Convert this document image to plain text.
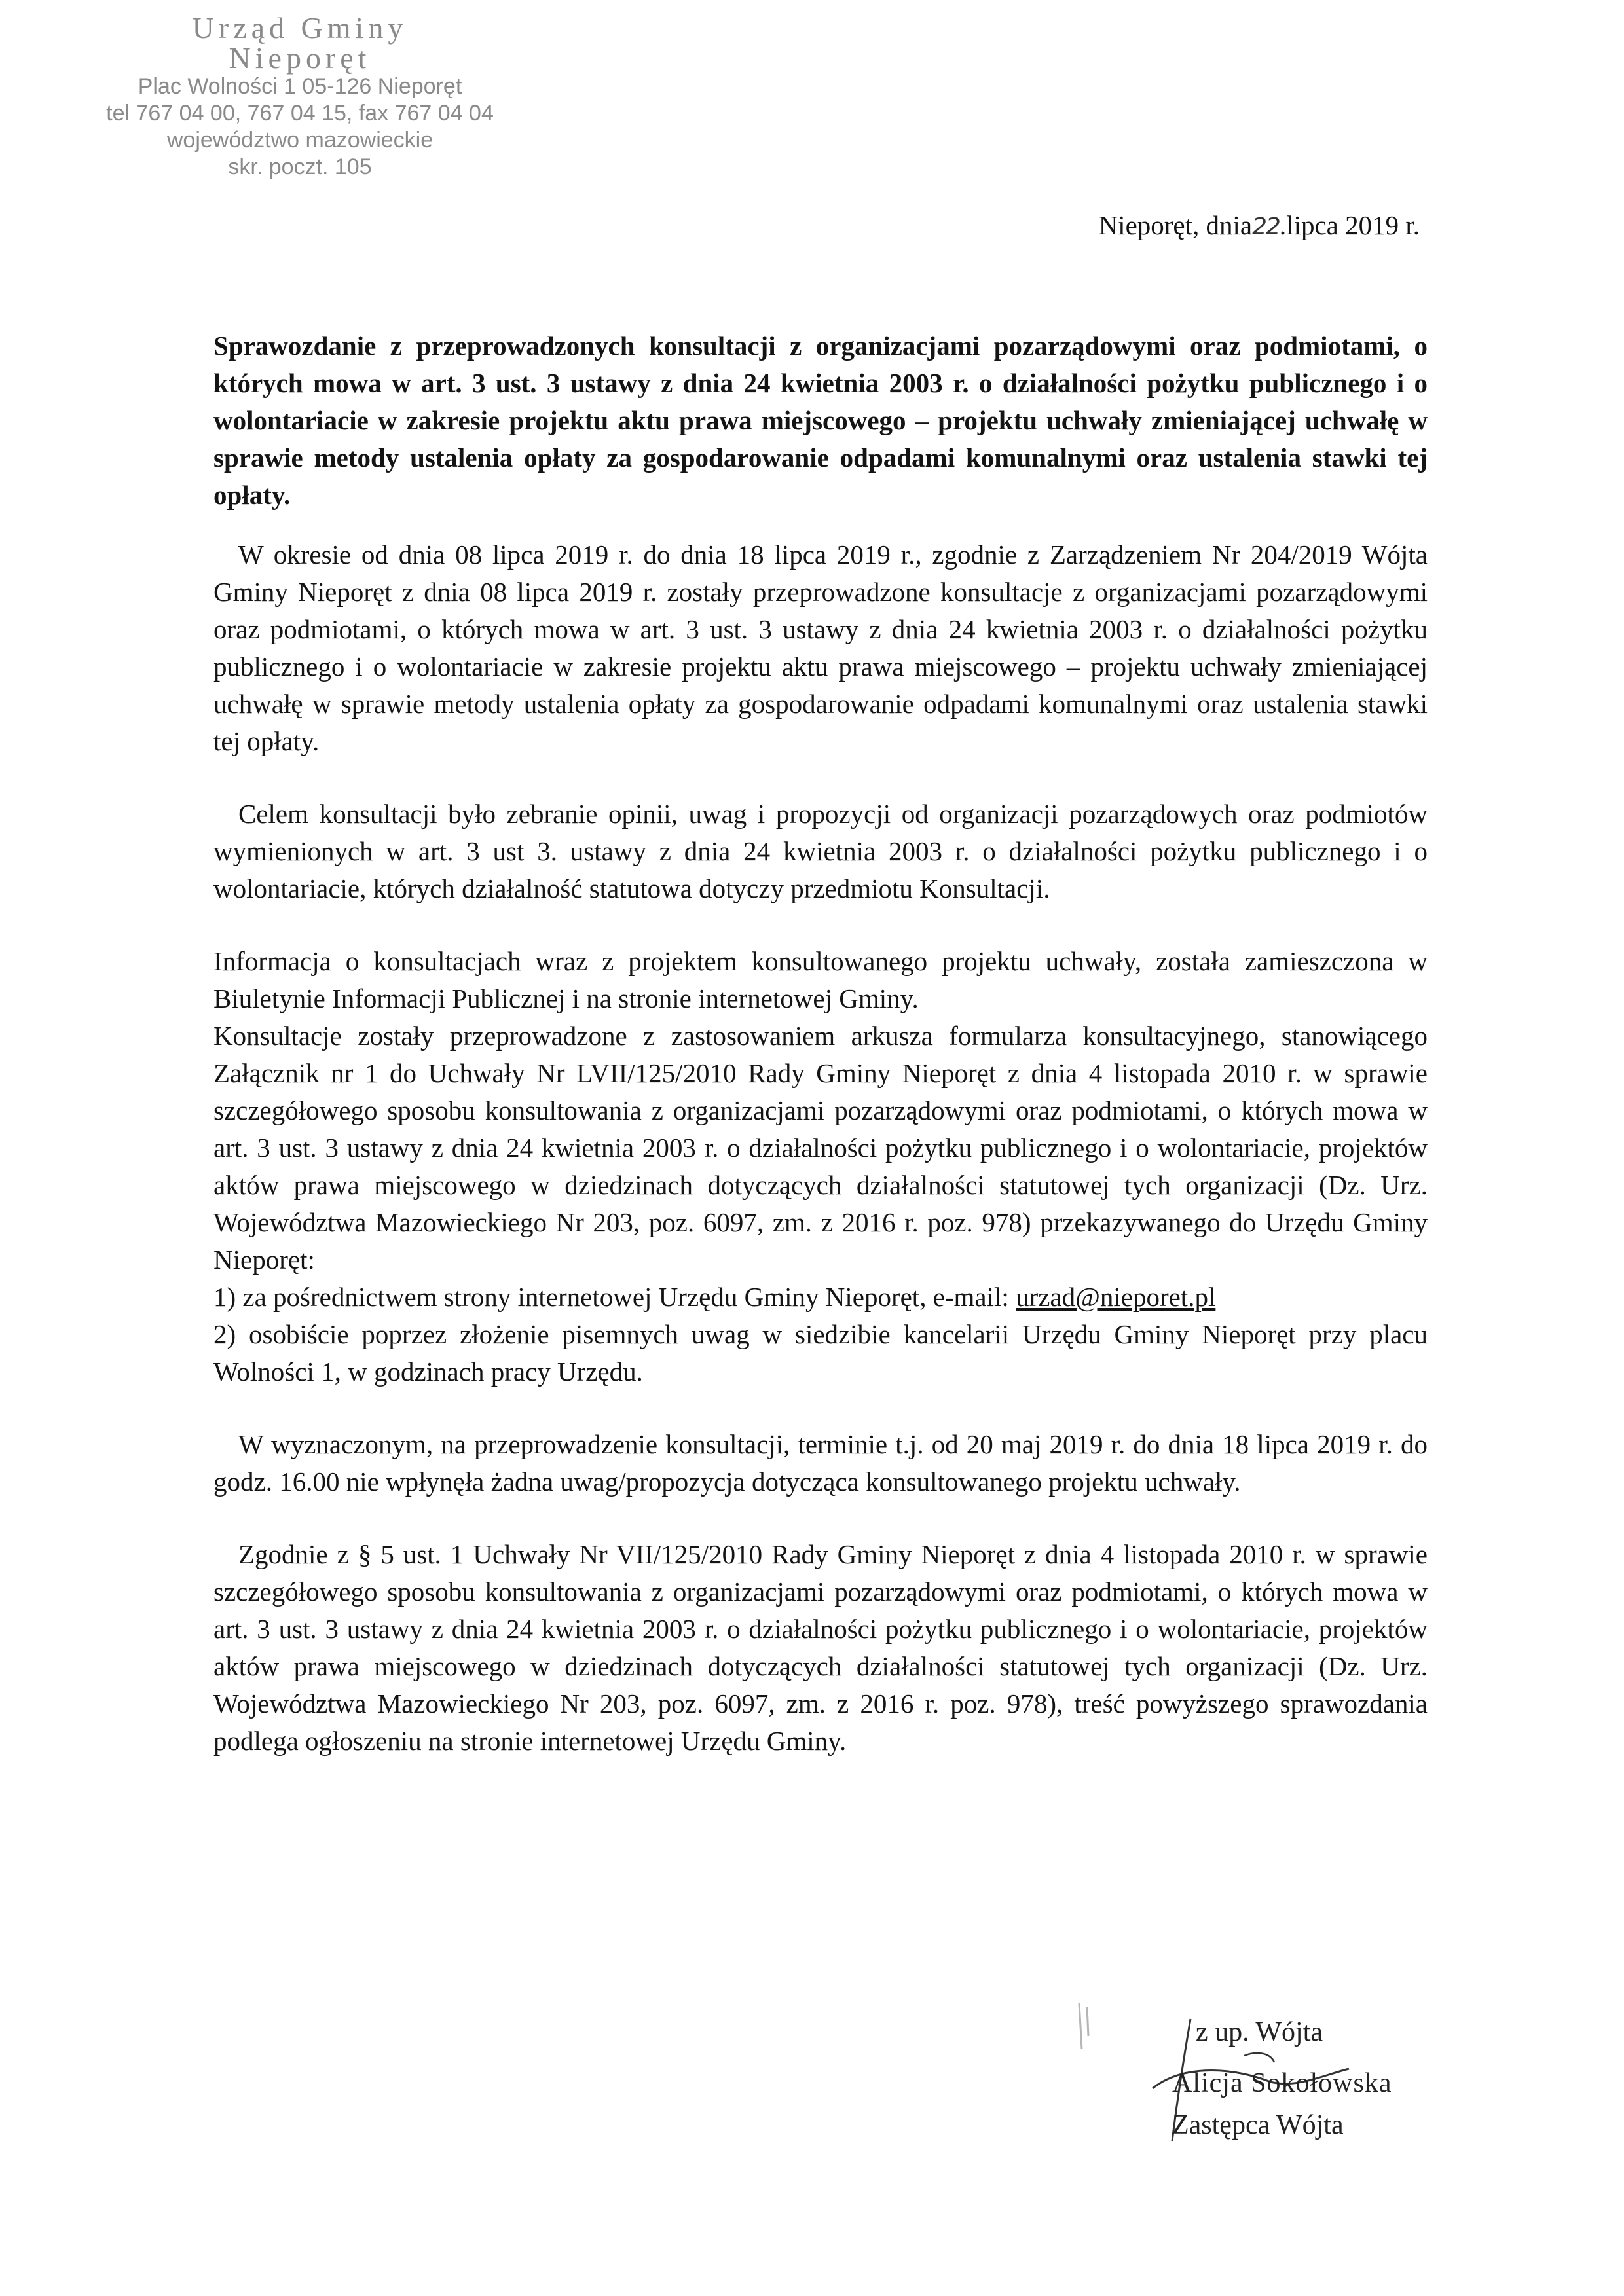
Urząd Gminy
Nieporęt
Plac Wolności 1 05-126 Nieporęt
tel 767 04 00, 767 04 15, fax 767 04 04
województwo mazowieckie
skr. poczt. 105
Nieporęt, dnia22.lipca 2019 r.
Sprawozdanie z przeprowadzonych konsultacji z organizacjami pozarządowymi oraz podmiotami, o których mowa w art. 3 ust. 3 ustawy z dnia 24 kwietnia 2003 r. o działalności pożytku publicznego i o wolontariacie w zakresie projektu aktu prawa miejscowego – projektu uchwały zmieniającej uchwałę w sprawie metody ustalenia opłaty za gospodarowanie odpadami komunalnymi oraz ustalenia stawki tej opłaty.
W okresie od dnia 08 lipca 2019 r. do dnia 18 lipca 2019 r., zgodnie z Zarządzeniem Nr 204/2019 Wójta Gminy Nieporęt z dnia 08 lipca 2019 r. zostały przeprowadzone konsultacje z organizacjami pozarządowymi oraz podmiotami, o których mowa w art. 3 ust. 3 ustawy z dnia 24 kwietnia 2003 r. o działalności pożytku publicznego i o wolontariacie w zakresie projektu aktu prawa miejscowego – projektu uchwały zmieniającej uchwałę w sprawie metody ustalenia opłaty za gospodarowanie odpadami komunalnymi oraz ustalenia stawki tej opłaty.
Celem konsultacji było zebranie opinii, uwag i propozycji od organizacji pozarządowych oraz podmiotów wymienionych w art. 3 ust 3. ustawy z dnia 24 kwietnia 2003 r. o działalności pożytku publicznego i o wolontariacie, których działalność statutowa dotyczy przedmiotu Konsultacji.
Informacja o konsultacjach wraz z projektem konsultowanego projektu uchwały, została zamieszczona w Biuletynie Informacji Publicznej i na stronie internetowej Gminy.
Konsultacje zostały przeprowadzone z zastosowaniem arkusza formularza konsultacyjnego, stanowiącego Załącznik nr 1 do Uchwały Nr LVII/125/2010 Rady Gminy Nieporęt z dnia 4 listopada 2010 r. w sprawie szczegółowego sposobu konsultowania z organizacjami pozarządowymi oraz podmiotami, o których mowa w art. 3 ust. 3 ustawy z dnia 24 kwietnia 2003 r. o działalności pożytku publicznego i o wolontariacie, projektów aktów prawa miejscowego w dziedzinach dotyczących działalności statutowej tych organizacji (Dz. Urz. Województwa Mazowieckiego Nr 203, poz. 6097, zm. z 2016 r. poz. 978) przekazywanego do Urzędu Gminy Nieporęt:
1) za pośrednictwem strony internetowej Urzędu Gminy Nieporęt, e-mail: urzad@nieporet.pl
2) osobiście poprzez złożenie pisemnych uwag w siedzibie kancelarii Urzędu Gminy Nieporęt przy placu Wolności 1, w godzinach pracy Urzędu.
W wyznaczonym, na przeprowadzenie konsultacji, terminie t.j. od 20 maj 2019 r. do dnia 18 lipca 2019 r. do godz. 16.00 nie wpłynęła żadna uwag/propozycja dotycząca konsultowanego projektu uchwały.
Zgodnie z § 5 ust. 1 Uchwały Nr VII/125/2010 Rady Gminy Nieporęt z dnia 4 listopada 2010 r. w sprawie szczegółowego sposobu konsultowania z organizacjami pozarządowymi oraz podmiotami, o których mowa w art. 3 ust. 3 ustawy z dnia 24 kwietnia 2003 r. o działalności pożytku publicznego i o wolontariacie, projektów aktów prawa miejscowego w dziedzinach dotyczących działalności statutowej tych organizacji (Dz. Urz. Województwa Mazowieckiego Nr 203, poz. 6097, zm. z 2016 r. poz. 978), treść powyższego sprawozdania podlega ogłoszeniu na stronie internetowej Urzędu Gminy.
z up. Wójta
Alicja Sokołowska
Zastępca Wójta
